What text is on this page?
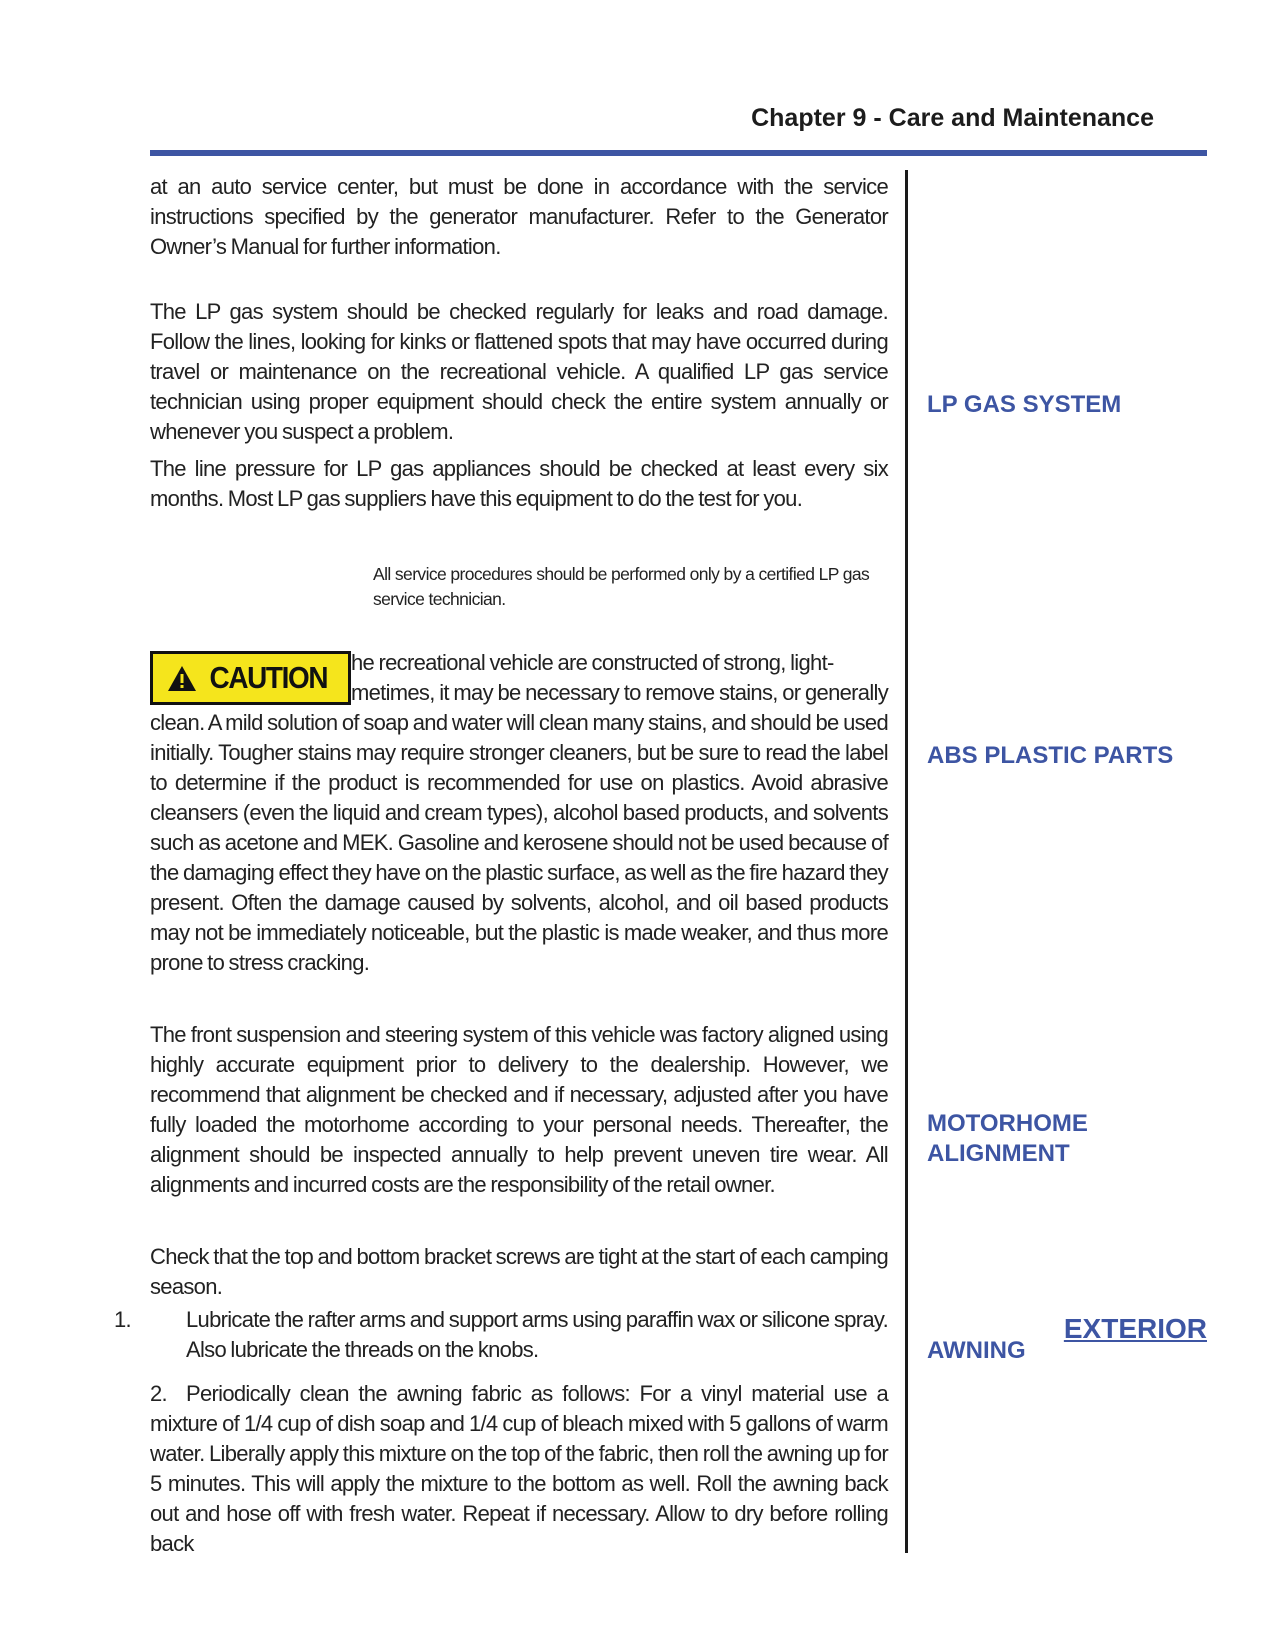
Chapter 9 - Care and Maintenance
at an auto service center, but must be done in accordance with the service instructions specified by the generator manufacturer. Refer to the Generator Owner’s Manual for further information.
The LP gas system should be checked regularly for leaks and road damage. Follow the lines, looking for kinks or flattened spots that may have occurred during travel or maintenance on the recreational vehicle. A qualified LP gas service technician using proper equipment should check the entire system annually or whenever you suspect a problem.
The line pressure for LP gas appliances should be checked at least every six months. Most LP gas suppliers have this equipment to do the test for you.
All service procedures should be performed only by a certified LP gas service technician.
he recreational vehicle are constructed of strong, light-
metimes, it may be necessary to remove stains, or generally clean. A mild solution of soap and water will clean many stains, and should be used initially. Tougher stains may require stronger cleaners, but be sure to read the label to determine if the product is recommended for use on plastics. Avoid abrasive cleansers (even the liquid and cream types), alcohol based products, and solvents such as acetone and MEK. Gasoline and kerosene should not be used because of the damaging effect they have on the plastic surface, as well as the fire hazard they present. Often the damage caused by solvents, alcohol, and oil based products may not be immediately noticeable, but the plastic is made weaker, and thus more prone to stress cracking.
CAUTION
The front suspension and steering system of this vehicle was factory aligned using highly accurate equipment prior to delivery to the dealership. However, we recommend that alignment be checked and if necessary, adjusted after you have fully loaded the motorhome according to your personal needs. Thereafter, the alignment should be inspected annually to help prevent uneven tire wear. All alignments and incurred costs are the responsibility of the retail owner.
Check that the top and bottom bracket screws are tight at the start of each camping season.
1.	Lubricate the rafter arms and support arms using paraffin wax or silicone spray. Also lubricate the threads on the knobs.
2. Periodically clean the awning fabric as follows: For a vinyl material use a mixture of 1/4 cup of dish soap and 1/4 cup of bleach mixed with 5 gallons of warm water. Liberally apply this mixture on the top of the fabric, then roll the awning up for 5 minutes. This will apply the mixture to the bottom as well. Roll the awning back out and hose off with fresh water. Repeat if necessary. Allow to dry before rolling back
LP GAS SYSTEM
ABS PLASTIC PARTS
MOTORHOME
ALIGNMENT
EXTERIOR
AWNING
